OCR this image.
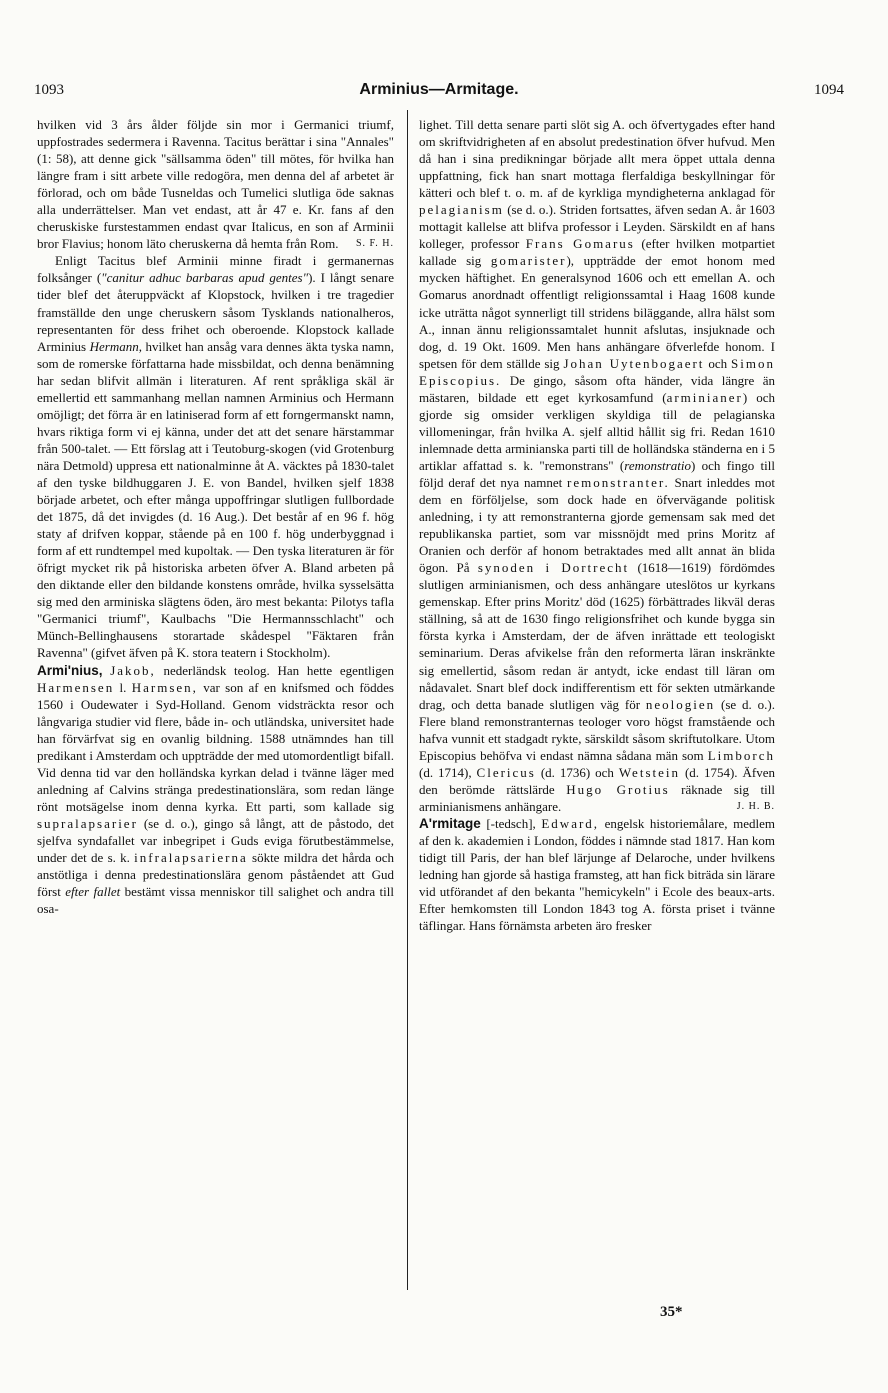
1093	Arminius—Armitage.	1094

hvilken vid 3 års ålder följde sin mor i Germanici triumf, uppfostrades sedermera i Ravenna. Tacitus berättar i sina "Annales" (1: 58), att denne gick "sällsamma öden" till mötes, för hvilka han längre fram i sitt arbete ville redogöra, men denna del af arbetet är förlorad, och om både Tusneldas och Tumelici slutliga öde saknas alla underrättelser. Man vet endast, att år 47 e. Kr. fans af den cheruskiske furstestammen endast qvar Italicus, en son af Arminii bror Flavius; honom läto cheruskerna då hemta från Rom. S. F. H.

Enligt Tacitus blef Arminii minne firadt i germanernas folksånger ("canitur adhuc barbaras apud gentes"). I långt senare tider blef det återuppväckt af Klopstock, hvilken i tre tragedier framställde den unge cheruskern såsom Tysklands nationalheros, representanten för dess frihet och oberoende. Klopstock kallade Arminius Hermann, hvilket han ansåg vara dennes äkta tyska namn, som de romerske författarna hade missbildat, och denna benämning har sedan blifvit allmän i literaturen. Af rent språkliga skäl är emellertid ett sammanhang mellan namnen Arminius och Hermann omöjligt; det förra är en latiniserad form af ett forngermanskt namn, hvars riktiga form vi ej känna, under det att det senare härstammar från 500-talet. — Ett förslag att i Teutoburg-skogen (vid Grotenburg nära Detmold) uppresa ett nationalminne åt A. väcktes på 1830-talet af den tyske bildhuggaren J. E. von Bandel, hvilken sjelf 1838 började arbetet, och efter många uppoffringar slutligen fullbordade det 1875, då det invigdes (d. 16 Aug.). Det består af en 96 f. hög staty af drifven koppar, stående på en 100 f. hög underbyggnad i form af ett rundtempel med kupoltak. — Den tyska literaturen är för öfrigt mycket rik på historiska arbeten öfver A. Bland arbeten på den diktande eller den bildande konstens område, hvilka sysselsätta sig med den arminiska slägtens öden, äro mest bekanta: Pilotys tafla "Germanici triumf", Kaulbachs "Die Hermannsschlacht" och Münch-Bellinghausens storartade skådespel "Fäktaren från Ravenna" (gifvet äfven på K. stora teatern i Stockholm).

Armi'nius, Jakob, nederländsk teolog. Han hette egentligen Harmensen l. Harmsen, var son af en knifsmed och föddes 1560 i Oudewater i Syd-Holland. Genom vidsträckta resor och långvariga studier vid flere, både in- och utländska, universitet hade han förvärfvat sig en ovanlig bildning. 1588 utnämndes han till predikant i Amsterdam och uppträdde der med utomordentligt bifall. Vid denna tid var den holländska kyrkan delad i tvänne läger med anledning af Calvins stränga predestinationslära, som redan länge rönt motsägelse inom denna kyrka. Ett parti, som kallade sig supralapsarier (se d. o.), gingo så långt, att de påstodo, det sjelfva syndafallet var inbegripet i Guds eviga förutbestämmelse, under det de s. k. infralapsarierna sökte mildra det hårda och anstötliga i denna predestinationslära genom påståendet att Gud först efter fallet bestämt vissa menniskor till salighet och andra till osa-

lighet. Till detta senare parti slöt sig A. och öfvertygades efter hand om skriftvidrigheten af en absolut predestination öfver hufvud. Men då han i sina predikningar började allt mera öppet uttala denna uppfattning, fick han snart mottaga flerfaldiga beskyllningar för kätteri och blef t. o. m. af de kyrkliga myndigheterna anklagad för pelagianism (se d. o.). Striden fortsattes, äfven sedan A. år 1603 mottagit kallelse att blifva professor i Leyden. Särskildt en af hans kolleger, professor Frans Gomarus (efter hvilken motpartiet kallade sig gomarister), uppträdde der emot honom med mycken häftighet. En generalsynod 1606 och ett emellan A. och Gomarus anordnadt offentligt religionssamtal i Haag 1608 kunde icke uträtta något synnerligt till stridens biläggande, allra hälst som A., innan ännu religionssamtalet hunnit afslutas, insjuknade och dog, d. 19 Okt. 1609. Men hans anhängare öfverlefde honom. I spetsen för dem ställde sig Johan Uytenbogaert och Simon Episcopius. De gingo, såsom ofta händer, vida längre än mästaren, bildade ett eget kyrkosamfund (arminianer) och gjorde sig omsider verkligen skyldiga till de pelagianska villomeningar, från hvilka A. sjelf alltid hållit sig fri. Redan 1610 inlemnade detta arminianska parti till de holländska ständerna en i 5 artiklar affattad s. k. "remonstrans" (remonstratio) och fingo till följd deraf det nya namnet remonstranter. Snart inleddes mot dem en förföljelse, som dock hade en öfvervägande politisk anledning, i ty att remonstranterna gjorde gemensam sak med det republikanska partiet, som var missnöjdt med prins Moritz af Oranien och derför af honom betraktades med allt annat än blida ögon. På synoden i Dortrecht (1618—1619) fördömdes slutligen arminianismen, och dess anhängare uteslötos ur kyrkans gemenskap. Efter prins Moritz' död (1625) förbättrades likväl deras ställning, så att de 1630 fingo religionsfrihet och kunde bygga sin första kyrka i Amsterdam, der de äfven inrättade ett teologiskt seminarium. Deras afvikelse från den reformerta läran inskränkte sig emellertid, såsom redan är antydt, icke endast till läran om nådavalet. Snart blef dock indifferentism ett för sekten utmärkande drag, och detta banade slutligen väg för neologien (se d. o.). Flere bland remonstranternas teologer voro högst framstående och hafva vunnit ett stadgadt rykte, särskildt såsom skriftutolkare. Utom Episcopius behöfva vi endast nämna sådana män som Limborch (d. 1714), Clericus (d. 1736) och Wetstein (d. 1754). Äfven den berömde rättslärde Hugo Grotius räknade sig till arminianismens anhängare.	J. H. B.

A'rmitage [-tedsch], Edward, engelsk historiemålare, medlem af den k. akademien i London, föddes i nämnde stad 1817. Han kom tidigt till Paris, der han blef lärjunge af Delaroche, under hvilkens ledning han gjorde så hastiga framsteg, att han fick biträda sin lärare vid utförandet af den bekanta "hemicykeln" i Ecole des beaux-arts. Efter hemkomsten till London 1843 tog A. första priset i tvänne täflingar. Hans förnämsta arbeten äro fresker

35*
